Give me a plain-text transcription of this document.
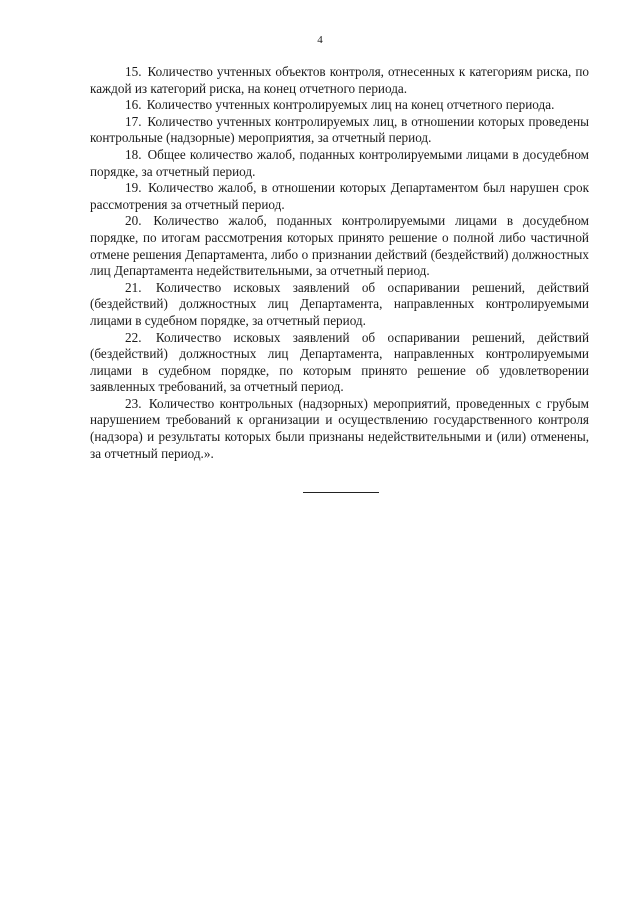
4

15. Количество учтенных объектов контроля, отнесенных к категориям риска, по каждой из категорий риска, на конец отчетного периода.

16. Количество учтенных контролируемых лиц на конец отчетного периода.

17. Количество учтенных контролируемых лиц, в отношении которых проведены контрольные (надзорные) мероприятия, за отчетный период.

18. Общее количество жалоб, поданных контролируемыми лицами в досудебном порядке, за отчетный период.

19. Количество жалоб, в отношении которых Департаментом был нарушен срок рассмотрения за отчетный период.

20. Количество жалоб, поданных контролируемыми лицами в досудебном порядке, по итогам рассмотрения которых принято решение о полной либо частичной отмене решения Департамента, либо о признании действий (бездействий) должностных лиц Департамента недействительными, за отчетный период.

21. Количество исковых заявлений об оспаривании решений, действий (бездействий) должностных лиц Департамента, направленных контролируемыми лицами в судебном порядке, за отчетный период.

22. Количество исковых заявлений об оспаривании решений, действий (бездействий) должностных лиц Департамента, направленных контролируемыми лицами в судебном порядке, по которым принято решение об удовлетворении заявленных требований, за отчетный период.

23. Количество контрольных (надзорных) мероприятий, проведенных с грубым нарушением требований к организации и осуществлению государственного контроля (надзора) и результаты которых были признаны недействительными и (или) отменены, за отчетный период.».
